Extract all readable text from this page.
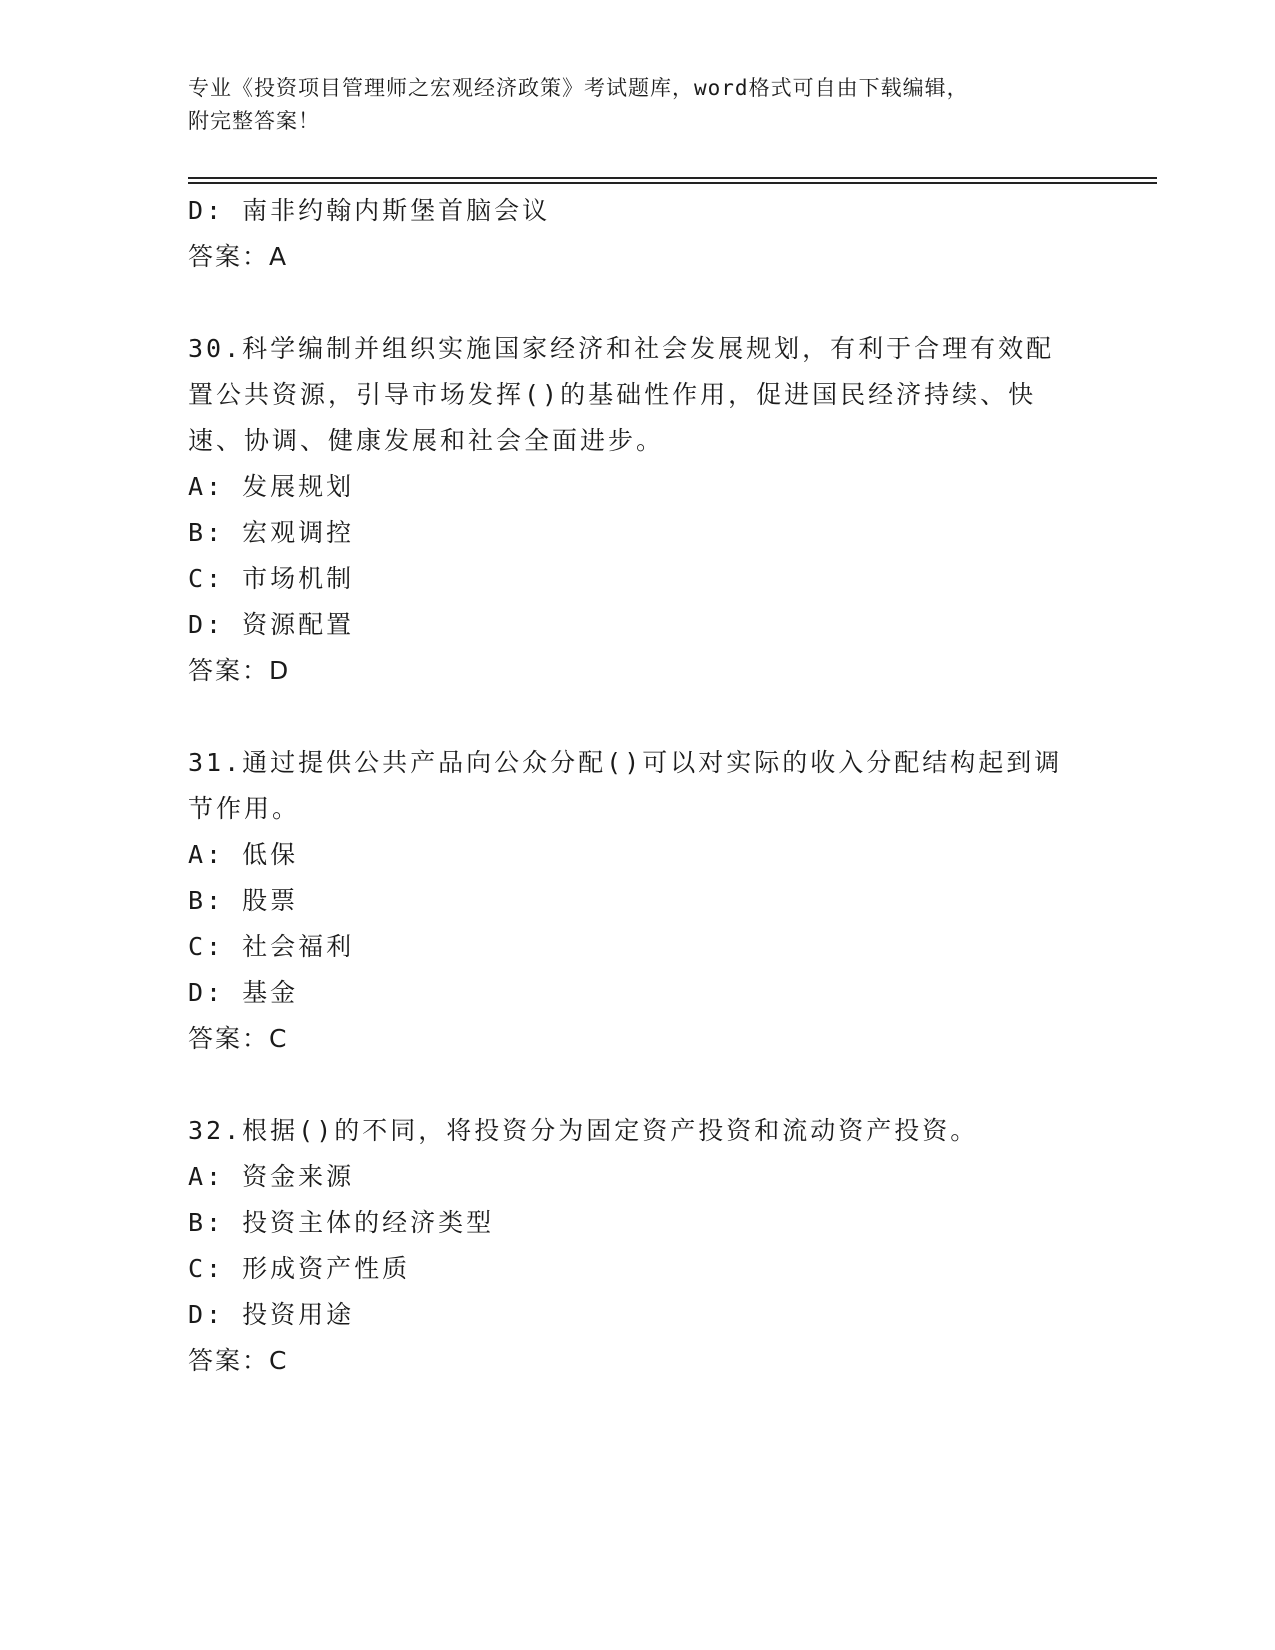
专业《投资项目管理师之宏观经济政策》考试题库，word格式可自由下载编辑，
附完整答案！
D: 南非约翰内斯堡首脑会议
答案：A
30.科学编制并组织实施国家经济和社会发展规划，有利于合理有效配
置公共资源，引导市场发挥()的基础性作用，促进国民经济持续、快
速、协调、健康发展和社会全面进步。
A: 发展规划
B: 宏观调控
C: 市场机制
D: 资源配置
答案：D
31.通过提供公共产品向公众分配()可以对实际的收入分配结构起到调
节作用。
A: 低保
B: 股票
C: 社会福利
D: 基金
答案：C
32.根据()的不同，将投资分为固定资产投资和流动资产投资。
A: 资金来源
B: 投资主体的经济类型
C: 形成资产性质
D: 投资用途
答案：C
